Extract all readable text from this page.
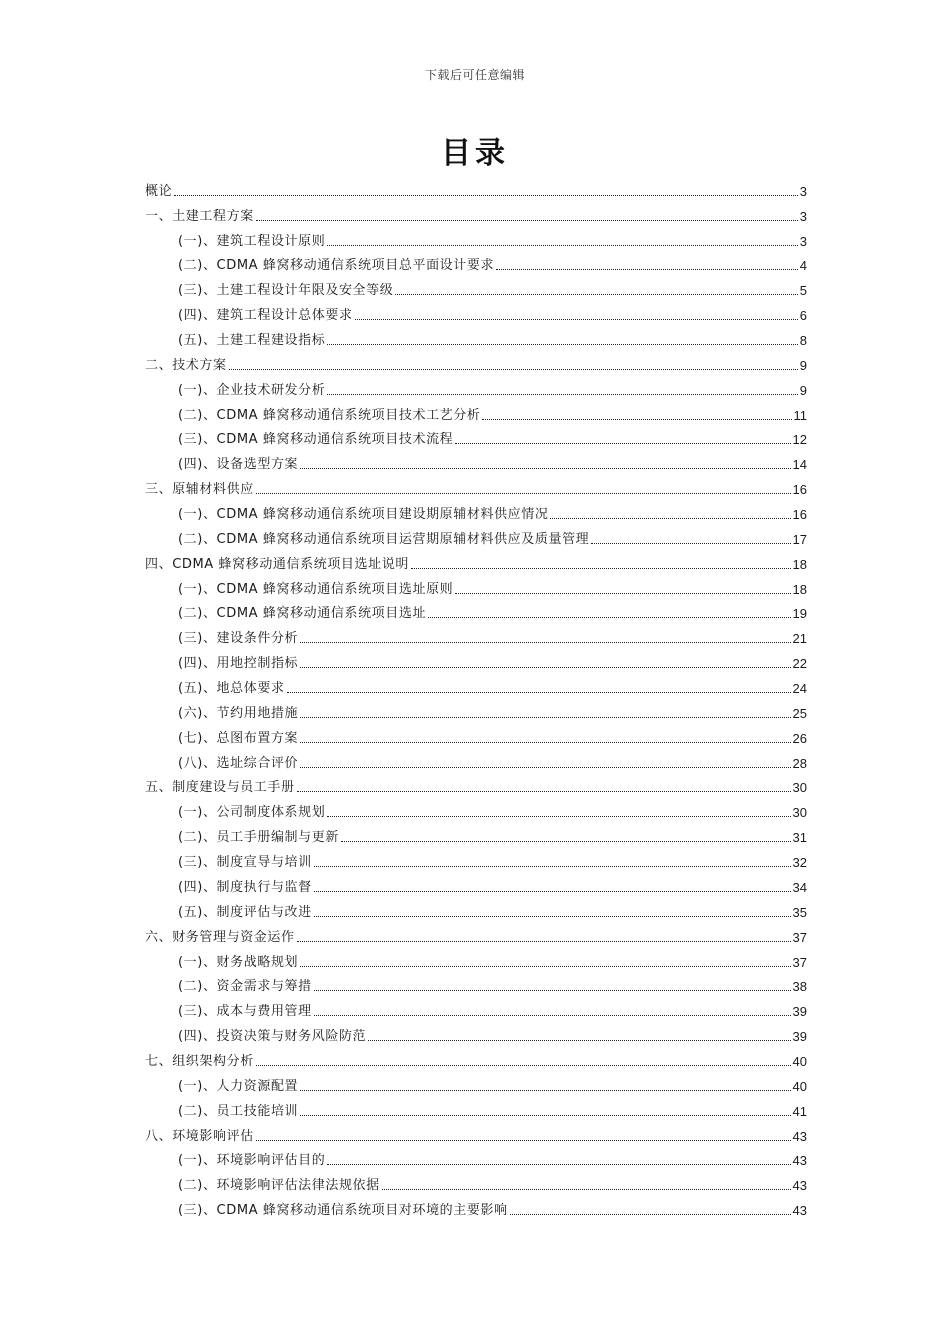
下载后可任意编辑
目录
概论	3
一、土建工程方案	3
(一)、建筑工程设计原则	3
(二)、CDMA 蜂窝移动通信系统项目总平面设计要求	4
(三)、土建工程设计年限及安全等级	5
(四)、建筑工程设计总体要求	6
(五)、土建工程建设指标	8
二、技术方案	9
(一)、企业技术研发分析	9
(二)、CDMA 蜂窝移动通信系统项目技术工艺分析	11
(三)、CDMA 蜂窝移动通信系统项目技术流程	12
(四)、设备选型方案	14
三、原辅材料供应	16
(一)、CDMA 蜂窝移动通信系统项目建设期原辅材料供应情况	16
(二)、CDMA 蜂窝移动通信系统项目运营期原辅材料供应及质量管理	17
四、CDMA 蜂窝移动通信系统项目选址说明	18
(一)、CDMA 蜂窝移动通信系统项目选址原则	18
(二)、CDMA 蜂窝移动通信系统项目选址	19
(三)、建设条件分析	21
(四)、用地控制指标	22
(五)、地总体要求	24
(六)、节约用地措施	25
(七)、总图布置方案	26
(八)、选址综合评价	28
五、制度建设与员工手册	30
(一)、公司制度体系规划	30
(二)、员工手册编制与更新	31
(三)、制度宣导与培训	32
(四)、制度执行与监督	34
(五)、制度评估与改进	35
六、财务管理与资金运作	37
(一)、财务战略规划	37
(二)、资金需求与筹措	38
(三)、成本与费用管理	39
(四)、投资决策与财务风险防范	39
七、组织架构分析	40
(一)、人力资源配置	40
(二)、员工技能培训	41
八、环境影响评估	43
(一)、环境影响评估目的	43
(二)、环境影响评估法律法规依据	43
(三)、CDMA 蜂窝移动通信系统项目对环境的主要影响	43
